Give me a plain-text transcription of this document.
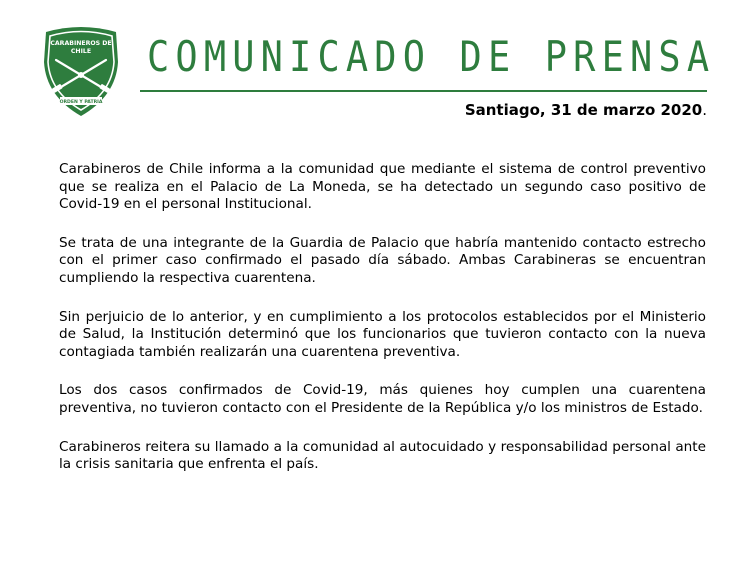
CARABINEROS DE
CHILE
ORDEN Y PATRIA
COMUNICADO DE PRENSA
Santiago, 31 de marzo 2020.

Carabineros de Chile informa a la comunidad que mediante el sistema de control preventivo que se realiza en el Palacio de La Moneda, se ha detectado un segundo caso positivo de Covid-19 en el personal Institucional.

Se trata de una integrante de la Guardia de Palacio que habría mantenido contacto estrecho con el primer caso confirmado el pasado día sábado. Ambas Carabineras se encuentran cumpliendo la respectiva cuarentena.

Sin perjuicio de lo anterior, y en cumplimiento a los protocolos establecidos por el Ministerio de Salud, la Institución determinó que los funcionarios que tuvieron contacto con la nueva contagiada también realizarán una cuarentena preventiva.

Los dos casos confirmados de Covid-19, más quienes hoy cumplen una cuarentena preventiva, no tuvieron contacto con el Presidente de la República y/o los ministros de Estado.

Carabineros reitera su llamado a la comunidad al autocuidado y responsabilidad personal ante la crisis sanitaria que enfrenta el país.
